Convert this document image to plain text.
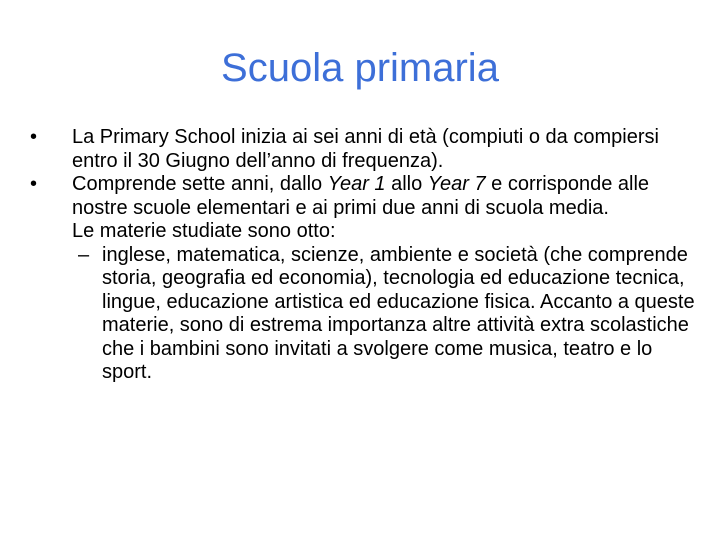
Scuola primaria
•	La Primary School inizia ai sei anni di età (compiuti o da compiersi entro il 30 Giugno dell’anno di frequenza).
•	Comprende sette anni, dallo Year 1 allo Year 7 e corrisponde alle nostre scuole elementari e ai primi due anni di scuola media.
Le materie studiate sono otto:
– inglese, matematica, scienze, ambiente e società (che comprende storia, geografia ed economia), tecnologia ed educazione tecnica, lingue, educazione artistica ed educazione fisica. Accanto a queste materie, sono di estrema importanza altre attività extra scolastiche che i bambini sono invitati a svolgere come musica, teatro e lo sport.
